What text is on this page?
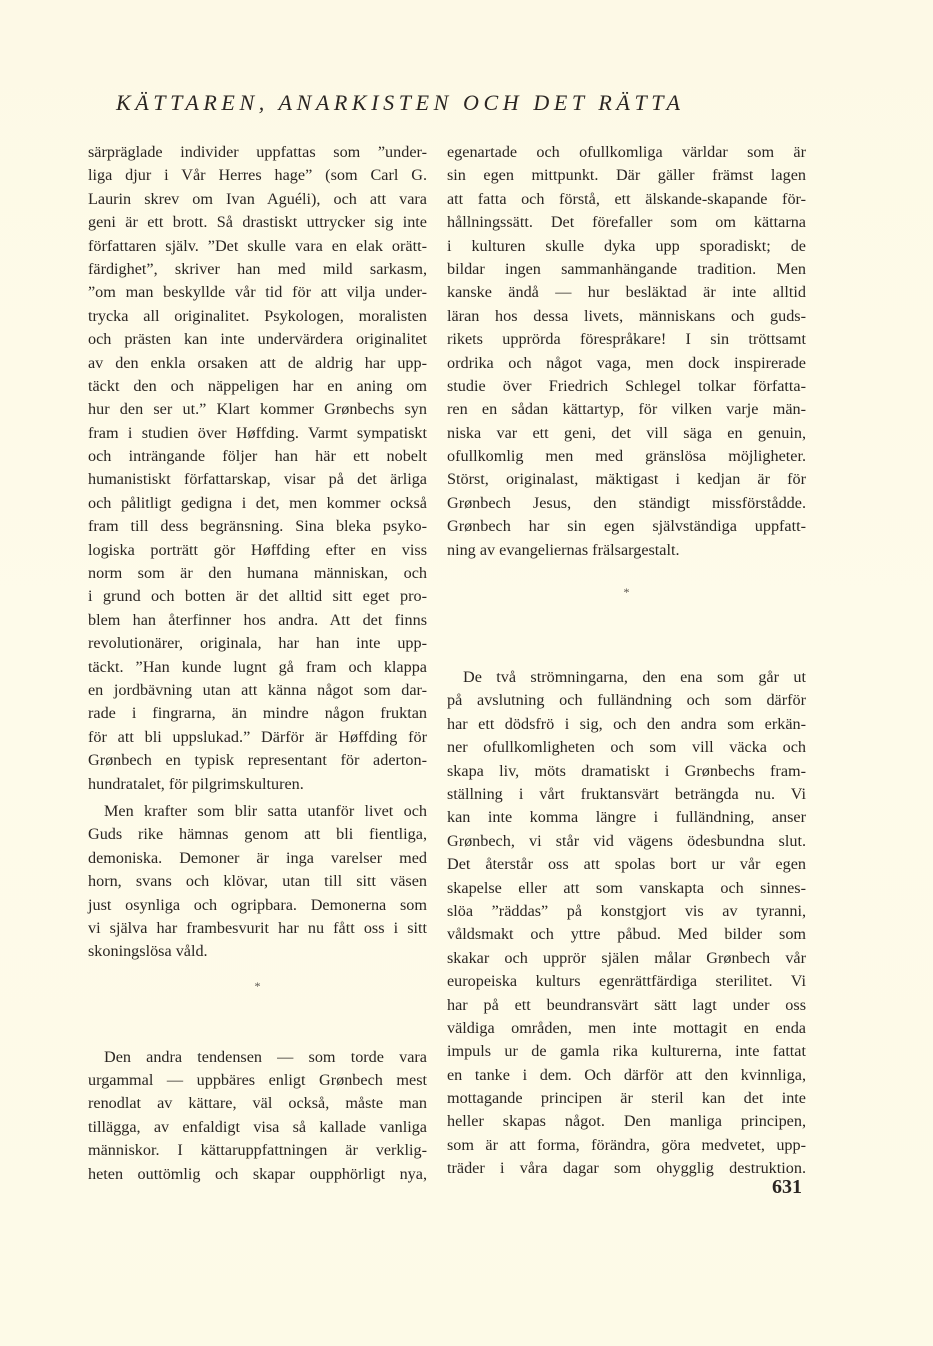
KÄTTAREN, ANARKISTEN OCH DET RÄTTA
särpräglade individer uppfattas som ”under-
liga djur i Vår Herres hage” (som Carl G.
Laurin skrev om Ivan Aguéli), och att vara
geni är ett brott. Så drastiskt uttrycker sig inte
författaren själv. ”Det skulle vara en elak orätt-
färdighet”, skriver han med mild sarkasm,
”om man beskyllde vår tid för att vilja under-
trycka all originalitet. Psykologen, moralisten
och prästen kan inte undervärdera originalitet
av den enkla orsaken att de aldrig har upp-
täckt den och näppeligen har en aning om
hur den ser ut.” Klart kommer Grønbechs syn
fram i studien över Høffding. Varmt sympatiskt
och inträngande följer han här ett nobelt
humanistiskt författarskap, visar på det ärliga
och pålitligt gedigna i det, men kommer också
fram till dess begränsning. Sina bleka psyko-
logiska porträtt gör Høffding efter en viss
norm som är den humana människan, och
i grund och botten är det alltid sitt eget pro-
blem han återfinner hos andra. Att det finns
revolutionärer, originala, har han inte upp-
täckt. ”Han kunde lugnt gå fram och klappa
en jordbävning utan att känna något som dar-
rade i fingrarna, än mindre någon fruktan
för att bli uppslukad.” Därför är Høffding för
Grønbech en typisk representant för aderton-
hundratalet, för pilgrimskulturen.
Men krafter som blir satta utanför livet och
Guds rike hämnas genom att bli fientliga,
demoniska. Demoner är inga varelser med
horn, svans och klövar, utan till sitt väsen
just osynliga och ogripbara. Demonerna som
vi själva har frambesvurit har nu fått oss i sitt
skoningslösa våld.
*
Den andra tendensen — som torde vara
urgammal — uppbäres enligt Grønbech mest
renodlat av kättare, väl också, måste man
tillägga, av enfaldigt visa så kallade vanliga
människor. I kättaruppfattningen är verklig-
heten outtömlig och skapar oupphörligt nya,
egenartade och ofullkomliga världar som är
sin egen mittpunkt. Där gäller främst lagen
att fatta och förstå, ett älskande-skapande för-
hållningssätt. Det förefaller som om kättarna
i kulturen skulle dyka upp sporadiskt; de
bildar ingen sammanhängande tradition. Men
kanske ändå — hur besläktad är inte alltid
läran hos dessa livets, människans och guds-
rikets upprörda förespråkare! I sin tröttsamt
ordrika och något vaga, men dock inspirerade
studie över Friedrich Schlegel tolkar författa-
ren en sådan kättartyp, för vilken varje män-
niska var ett geni, det vill säga en genuin,
ofullkomlig men med gränslösa möjligheter.
Störst, originalast, mäktigast i kedjan är för
Grønbech Jesus, den ständigt missförstådde.
Grønbech har sin egen självständiga uppfatt-
ning av evangeliernas frälsargestalt.
*
De två strömningarna, den ena som går ut
på avslutning och fulländning och som därför
har ett dödsfrö i sig, och den andra som erkän-
ner ofullkomligheten och som vill väcka och
skapa liv, möts dramatiskt i Grønbechs fram-
ställning i vårt fruktansvärt beträngda nu. Vi
kan inte komma längre i fulländning, anser
Grønbech, vi står vid vägens ödesbundna slut.
Det återstår oss att spolas bort ur vår egen
skapelse eller att som vanskapta och sinnes-
slöa ”räddas” på konstgjort vis av tyranni,
våldsmakt och yttre påbud. Med bilder som
skakar och upprör själen målar Grønbech vår
europeiska kulturs egenrättfärdiga sterilitet. Vi
har på ett beundransvärt sätt lagt under oss
väldiga områden, men inte mottagit en enda
impuls ur de gamla rika kulturerna, inte fattat
en tanke i dem. Och därför att den kvinnliga,
mottagande principen är steril kan det inte
heller skapas något. Den manliga principen,
som är att forma, förändra, göra medvetet, upp-
träder i våra dagar som ohygglig destruktion.
631
